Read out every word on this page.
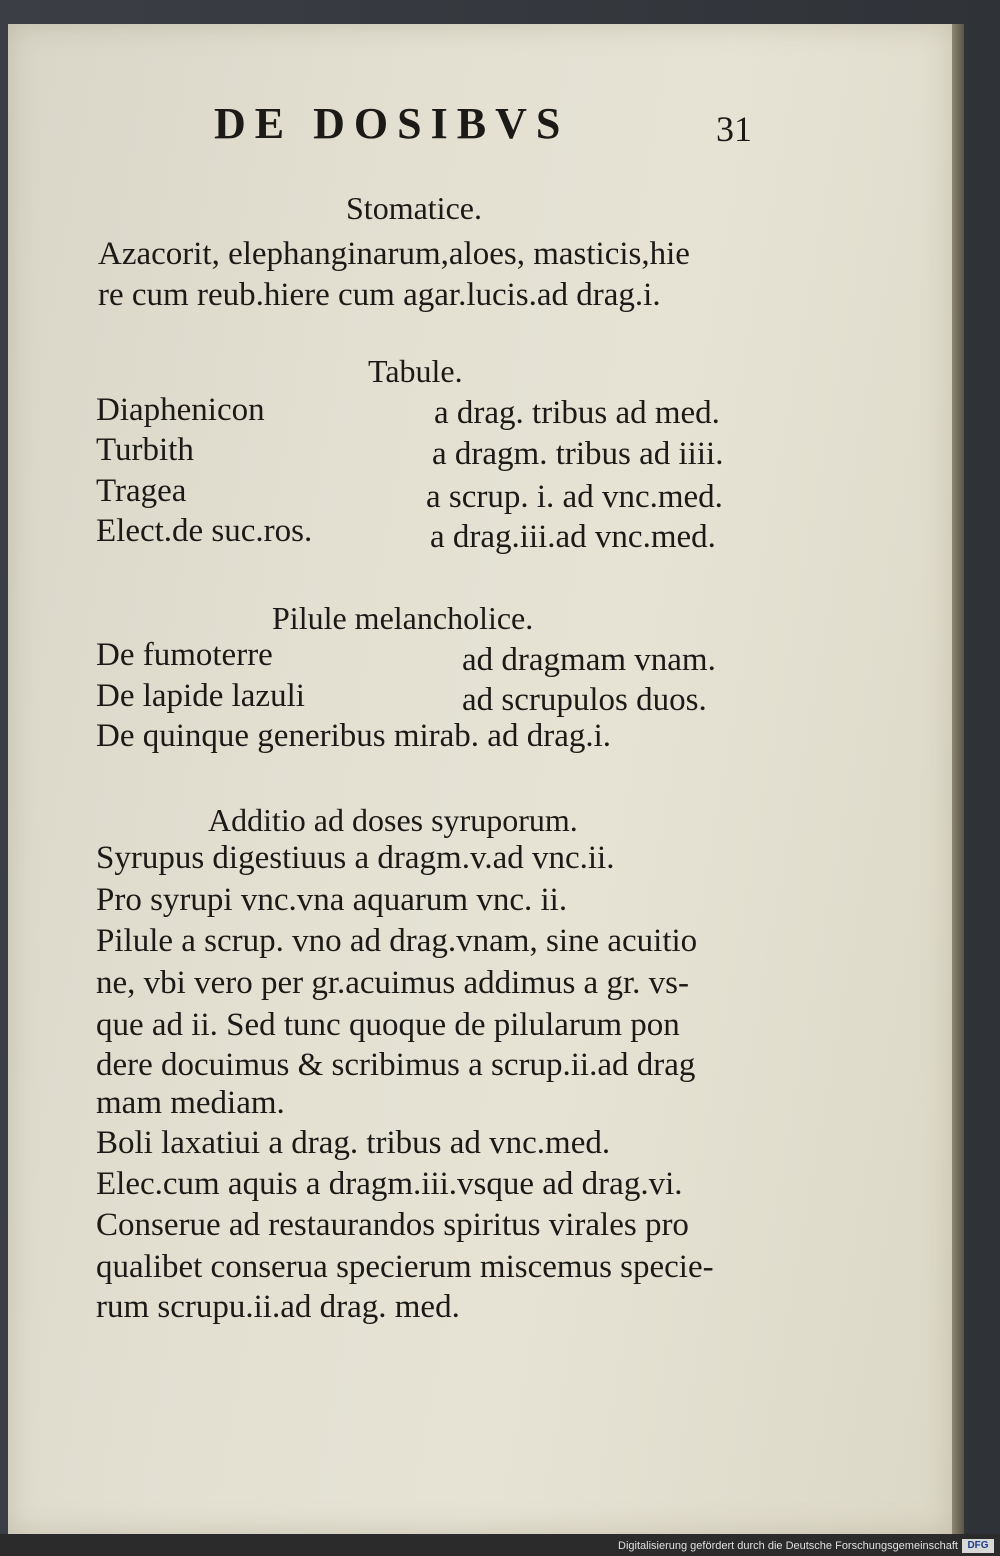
DE DOSIBVS	31
Stomatice.
Azacorit, elephanginarum,aloes, masticis,hie
re cum reub.hiere cum agar.lucis.ad drag.i.
Tabule.
Diaphenicon	a drag. tribus ad med.
Turbith	a dragm. tribus ad iiii.
Tragea	a scrup. i. ad vnc.med.
Elect.de suc.ros.	a drag.iii.ad vnc.med.
Pilule melancholice.
De fumoterre	ad dragmam vnam.
De lapide lazuli	ad scrupulos duos.
De quinque generibus mirab. ad drag.i.
Additio ad doses syruporum.
Syrupus digestiuus a dragm.v.ad vnc.ii.
Pro syrupi vnc.vna aquarum vnc. ii.
Pilule a scrup. vno ad drag.vnam, sine acuitio
ne, vbi vero per gr.acuimus addimus a gr. vs-
que ad ii. Sed tunc quoque de pilularum pon
dere docuimus & scribimus a scrup.ii.ad drag
mam mediam.
Boli laxatiui a drag. tribus ad vnc.med.
Elec.cum aquis a dragm.iii.vsque ad drag.vi.
Conserue ad restaurandos spiritus virales pro
qualibet conserua specierum miscemus specie-
rum scrupu.ii.ad drag. med.
Digitalisierung gefördert durch die Deutsche Forschungsgemeinschaft DFG
